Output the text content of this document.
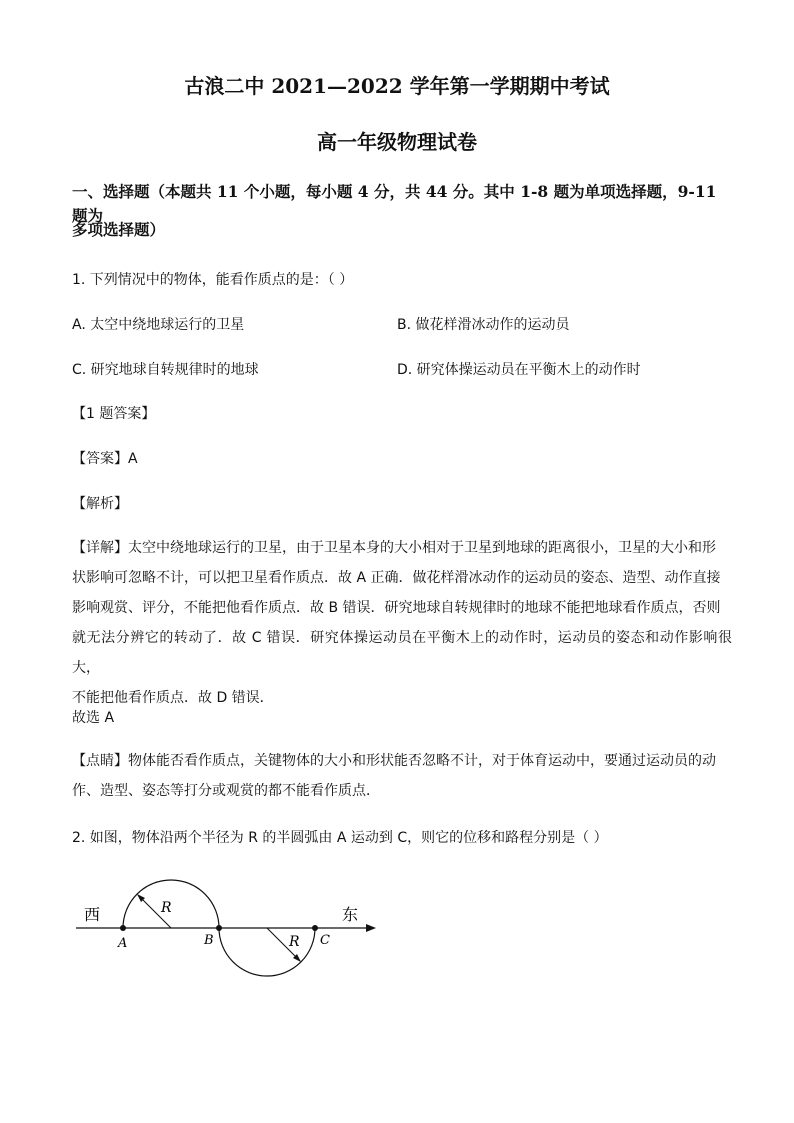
古浪二中 2021—2022 学年第一学期期中考试
高一年级物理试卷
一、选择题（本题共 11 个小题，每小题 4 分，共 44 分。其中 1-8 题为单项选择题，9-11 题为
多项选择题）
1. 下列情况中的物体，能看作质点的是：（ ）
A. 太空中绕地球运行的卫星	B. 做花样滑冰动作的运动员
C. 研究地球自转规律时的地球	D. 研究体操运动员在平衡木上的动作时
【1 题答案】
【答案】A
【解析】
【详解】太空中绕地球运行的卫星，由于卫星本身的大小相对于卫星到地球的距离很小，卫星的大小和形
状影响可忽略不计，可以把卫星看作质点．故 A 正确．做花样滑冰动作的运动员的姿态、造型、动作直接
影响观赏、评分，不能把他看作质点．故 B 错误．研究地球自转规律时的地球不能把地球看作质点，否则
就无法分辨它的转动了．故 C 错误．研究体操运动员在平衡木上的动作时，运动员的姿态和动作影响很大，
不能把他看作质点．故 D 错误．
故选 A
【点睛】物体能否看作质点，关键物体的大小和形状能否忽略不计，对于体育运动中，要通过运动员的动
作、造型、姿态等打分或观赏的都不能看作质点．
2. 如图，物体沿两个半径为 R 的半圆弧由 A 运动到 C，则它的位移和路程分别是（ ）
西	东
A	B	C
R
R
